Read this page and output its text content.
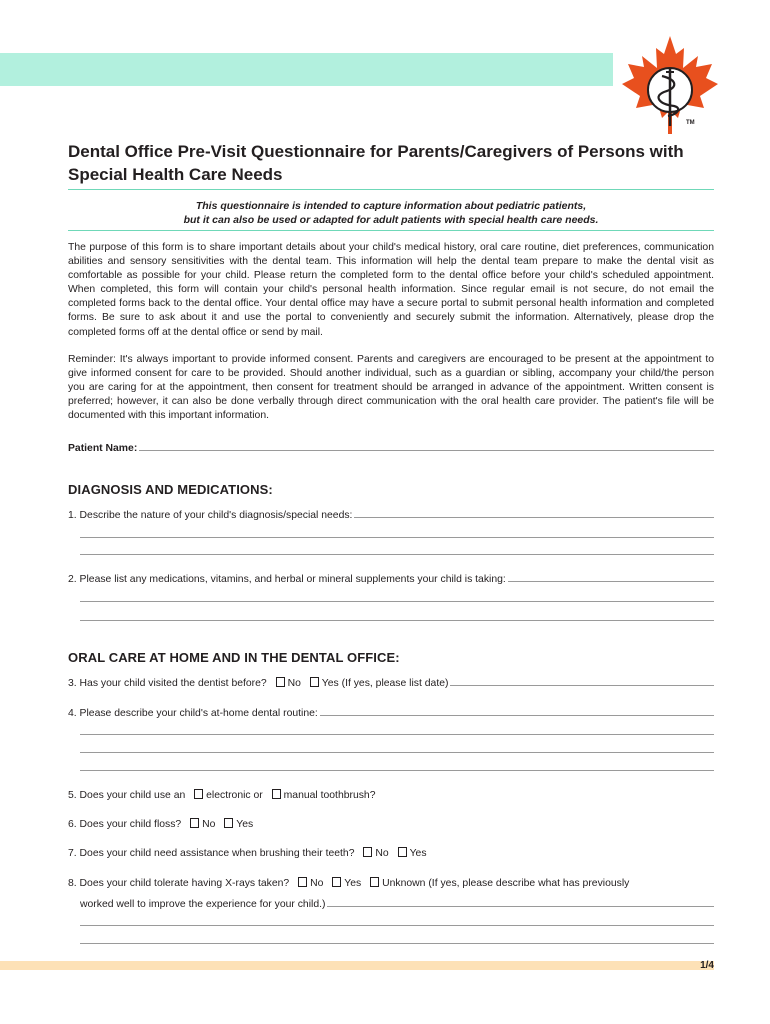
TM
Dental Office Pre-Visit Questionnaire for Parents/Caregivers of Persons with
Special Health Care Needs
This questionnaire is intended to capture information about pediatric patients,
but it can also be used or adapted for adult patients with special health care needs.

The purpose of this form is to share important details about your child's medical history, oral care routine, diet preferences, communication abilities and sensory sensitivities with the dental team. This information will help the dental team prepare to make the dental visit as comfortable as possible for your child. Please return the completed form to the dental office before your child's scheduled appointment. When completed, this form will contain your child's personal health information. Since regular email is not secure, do not email the completed forms back to the dental office. Your dental office may have a secure portal to submit personal health information and completed forms. Be sure to ask about it and use the portal to conveniently and securely submit the information. Alternatively, please drop the completed forms off at the dental office or send by mail.

Reminder: It's always important to provide informed consent. Parents and caregivers are encouraged to be present at the appointment to give informed consent for care to be provided. Should another individual, such as a guardian or sibling, accompany your child/the person you are caring for at the appointment, then consent for treatment should be arranged in advance of the appointment. Written consent is preferred; however, it can also be done verbally through direct communication with the oral health care provider. The patient's file will be documented with this important information.

Patient Name:
DIAGNOSIS AND MEDICATIONS:
1. Describe the nature of your child's diagnosis/special needs:
2. Please list any medications, vitamins, and herbal or mineral supplements your child is taking:
ORAL CARE AT HOME AND IN THE DENTAL OFFICE:
3. Has your child visited the dentist before? No Yes (If yes, please list date)
4. Please describe your child's at-home dental routine:
5. Does your child use an electronic or manual toothbrush?
6. Does your child floss? No Yes
7. Does your child need assistance when brushing their teeth? No Yes
8. Does your child tolerate having X-rays taken? No Yes Unknown (If yes, please describe what has previously
worked well to improve the experience for your child.)
1/4
